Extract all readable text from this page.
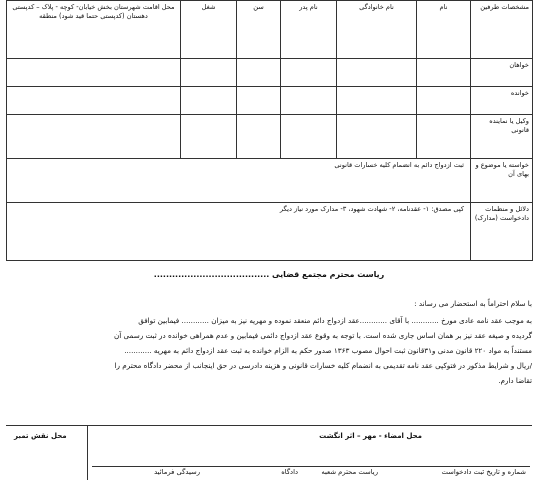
مشخصات طرفین	نام	نام خانوادگی	نام پدر	سن	شغل	محل اقامت شهرستان بخش خیابان- کوچه - پلاک – کدپستی دهستان (کدپستی حتما قید شود) منطقه
خواهان						
خوانده						
وکیل یا نماینده قانونی						
خواسته یا موضوع و بهای آن	ثبت ازدواج دائم به انضمام کلیه خسارات قانونی					
دلائل و منظمات دادخواست (مدارک)	کپی مصدق: ۱- عقدنامه، ۲- شهادت شهود، ۳- مدارک مورد نیاز دیگر					
ریاست محترم مجتمع قضایی ......................................

با سلام احتراماً به استحضار می رساند :

به موجب عقد نامه عادی مورخ ............ با آقای ............عقد ازدواج دائم منعقد نموده و مهریه نیز به میزان ............ فیمابین توافق

گردیده و صیغه عقد نیز بر همان اساس جاری شده است. با توجه به وقوع عقد ازدواج دائمی فیمابین و عدم همراهی خوانده در ثبت رسمی آن

مستنداً به مواد ۲۲۰ قانون مدنی و۳۱قانون ثبت احوال مصوب ۱۳۶۳ صدور حکم به الزام خوانده به ثبت عقد ازدواج دائم به مهریه ............

/ریال و شرایط مذکور در فتوکپی عقد نامه تقدیمی به انضمام کلیه خسارات قانونی و هزینه دادرسی در حق اینجانب از محضر دادگاه محترم را

تقاضا دارم.

محل نقش تمبر	محل امضاء - مهر – اثر انگشت
شماره و تاریخ ثبت دادخواست
ریاست محترم شعبه
دادگاه
رسیدگی فرمائید
